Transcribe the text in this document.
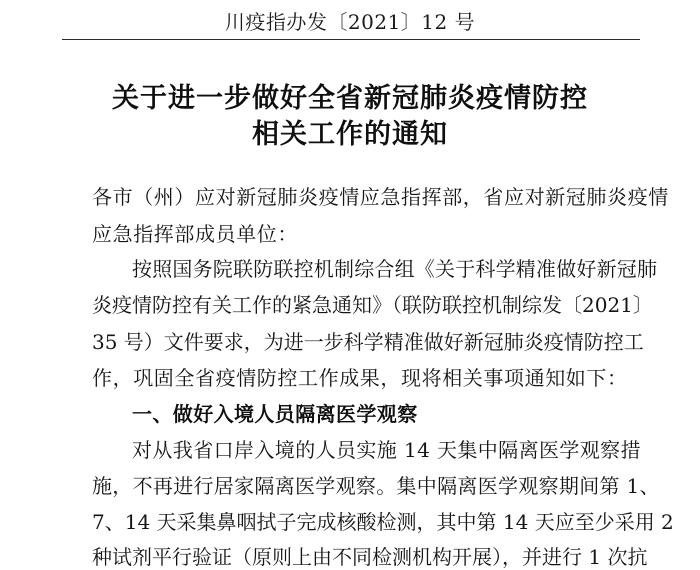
川疫指办发〔2021〕12 号
关于进一步做好全省新冠肺炎疫情防控
相关工作的通知
各市（州）应对新冠肺炎疫情应急指挥部，省应对新冠肺炎疫情
应急指挥部成员单位：
按照国务院联防联控机制综合组《关于科学精准做好新冠肺
炎疫情防控有关工作的紧急通知》（联防联控机制综发〔2021〕
35 号）文件要求，为进一步科学精准做好新冠肺炎疫情防控工
作，巩固全省疫情防控工作成果，现将相关事项通知如下：
一、做好入境人员隔离医学观察
对从我省口岸入境的人员实施 14 天集中隔离医学观察措
施，不再进行居家隔离医学观察。集中隔离医学观察期间第 1、
7、14 天采集鼻咽拭子完成核酸检测，其中第 14 天应至少采用 2
种试剂平行验证（原则上由不同检测机构开展），并进行 1 次抗
